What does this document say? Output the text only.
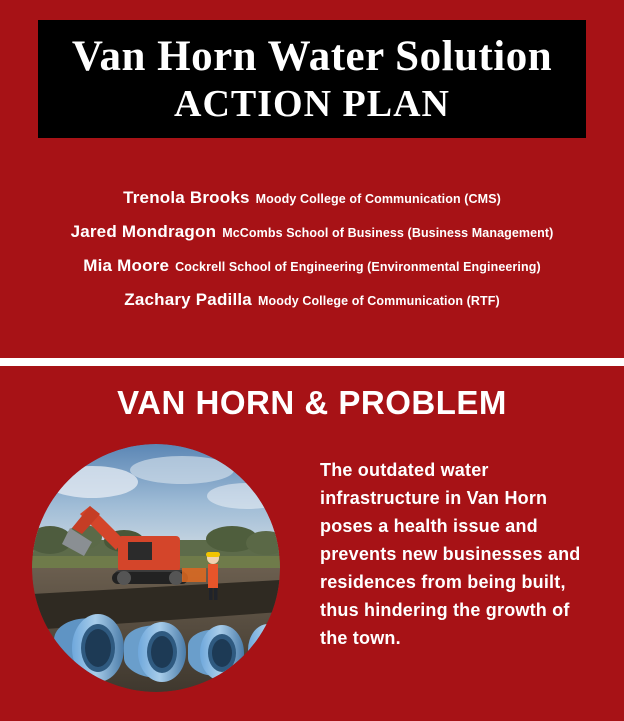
Van Horn Water Solution
ACTION PLAN
Trenola Brooks Moody College of Communication (CMS)
Jared Mondragon McCombs School of Business (Business Management)
Mia Moore Cockrell School of Engineering (Environmental Engineering)
Zachary Padilla Moody College of Communication (RTF)
VAN HORN & PROBLEM
The outdated water infrastructure in Van Horn poses a health issue and prevents new businesses and residences from being built, thus hindering the growth of the town.
